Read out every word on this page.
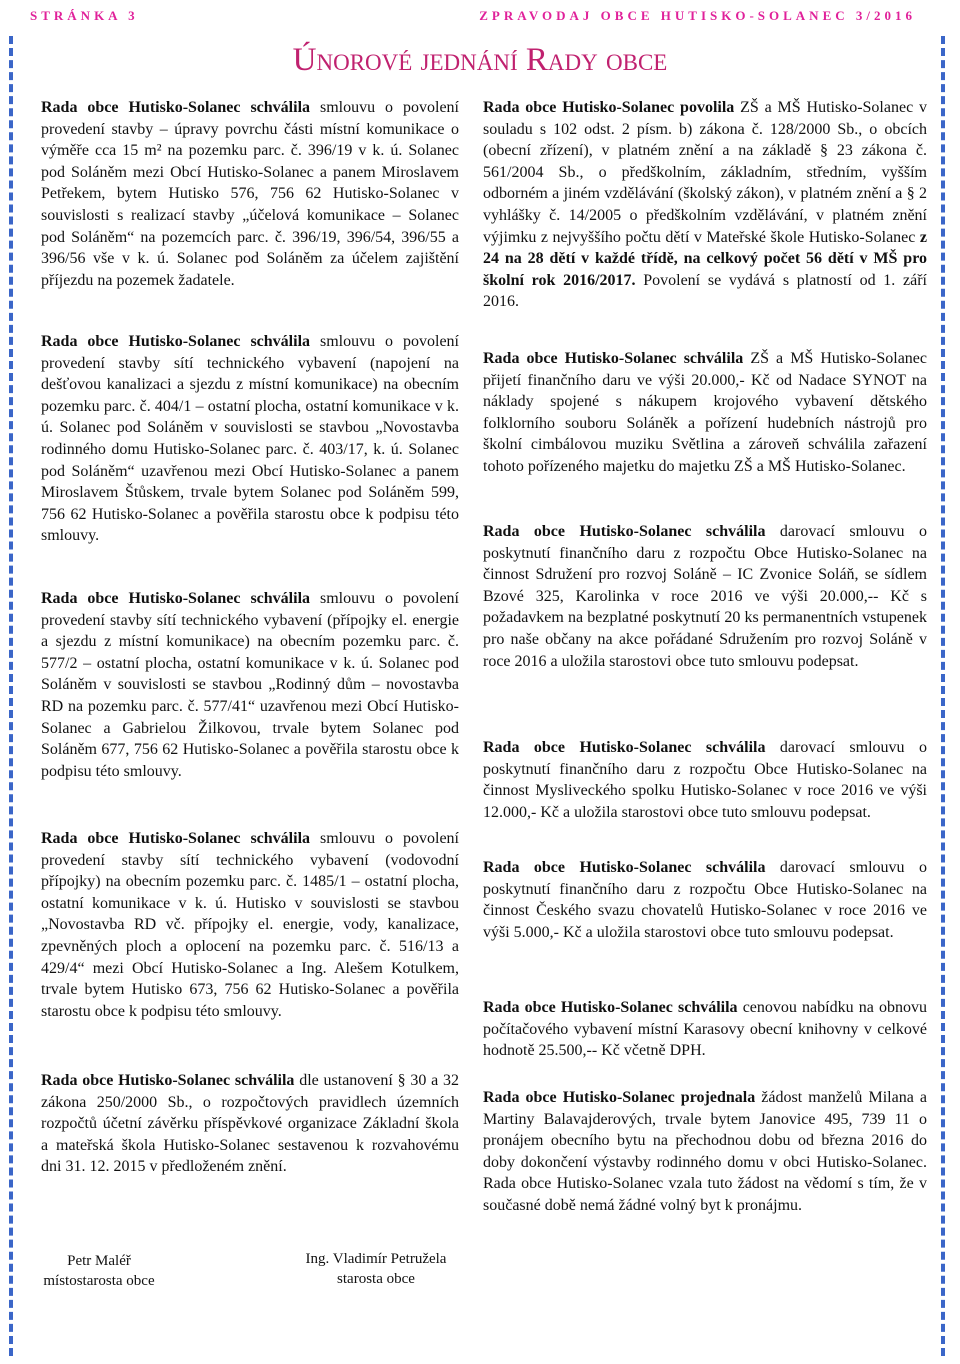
STRÁNKA 3	ZPRAVODAJ OBCE HUTISKO-SOLANEC 3/2016
Únorové jednání Rady obce

Rada obce Hutisko-Solanec schválila smlouvu o povolení provedení stavby – úpravy povrchu části místní komunikace o výměře cca 15 m² na pozemku parc. č. 396/19 v k. ú. Solanec pod Soláněm mezi Obcí Hutisko-Solanec a panem Miroslavem Petřekem, bytem Hutisko 576, 756 62 Hutisko-Solanec v souvislosti s realizací stavby „účelová komunikace – Solanec pod Soláněm“ na pozemcích parc. č. 396/19, 396/54, 396/55 a 396/56 vše v k. ú. Solanec pod Soláněm za účelem zajištění příjezdu na pozemek žadatele.

Rada obce Hutisko-Solanec schválila smlouvu o povolení provedení stavby sítí technického vybavení (napojení na dešťovou kanalizaci a sjezdu z místní komunikace) na obecním pozemku parc. č. 404/1 – ostatní plocha, ostatní komunikace v k. ú. Solanec pod Soláněm v souvislosti se stavbou „Novostavba rodinného domu Hutisko-Solanec parc. č. 403/17, k. ú. Solanec pod Soláněm“ uzavřenou mezi Obcí Hutisko-Solanec a panem Miroslavem Štůskem, trvale bytem Solanec pod Soláněm 599, 756 62 Hutisko-Solanec a pověřila starostu obce k podpisu této smlouvy.

Rada obce Hutisko-Solanec schválila smlouvu o povolení provedení stavby sítí technického vybavení (přípojky el. energie a sjezdu z místní komunikace) na obecním pozemku parc. č. 577/2 – ostatní plocha, ostatní komunikace v k. ú. Solanec pod Soláněm v souvislosti se stavbou „Rodinný dům – novostavba RD na pozemku parc. č. 577/41“ uzavřenou mezi Obcí Hutisko-Solanec a Gabrielou Žilkovou, trvale bytem Solanec pod Soláněm 677, 756 62 Hutisko-Solanec a pověřila starostu obce k podpisu této smlouvy.

Rada obce Hutisko-Solanec schválila smlouvu o povolení provedení stavby sítí technického vybavení (vodovodní přípojky) na obecním pozemku parc. č. 1485/1 – ostatní plocha, ostatní komunikace v k. ú. Hutisko v souvislosti se stavbou „Novostavba RD vč. přípojky el. energie, vody, kanalizace, zpevněných ploch a oplocení na pozemku parc. č. 516/13 a 429/4“ mezi Obcí Hutisko-Solanec a Ing. Alešem Kotulkem, trvale bytem Hutisko 673, 756 62 Hutisko-Solanec a pověřila starostu obce k podpisu této smlouvy.

Rada obce Hutisko-Solanec schválila dle ustanovení § 30 a 32 zákona 250/2000 Sb., o rozpočtových pravidlech územních rozpočtů účetní závěrku příspěvkové organizace Základní škola a mateřská škola Hutisko-Solanec sestavenou k rozvahovému dni 31. 12. 2015 v předloženém znění.

Rada obce Hutisko-Solanec povolila ZŠ a MŠ Hutisko-Solanec v souladu s 102 odst. 2 písm. b) zákona č. 128/2000 Sb., o obcích (obecní zřízení), v platném znění a na základě § 23 zákona č. 561/2004 Sb., o předškolním, základním, středním, vyšším odborném a jiném vzdělávání (školský zákon), v platném znění a § 2 vyhlášky č. 14/2005 o předškolním vzdělávání, v platném znění výjimku z nejvyššího počtu dětí v Mateřské škole Hutisko-Solanec z 24 na 28 dětí v každé třídě, na celkový počet 56 dětí v MŠ pro školní rok 2016/2017. Povolení se vydává s platností od 1. září 2016.

Rada obce Hutisko-Solanec schválila ZŠ a MŠ Hutisko-Solanec přijetí finančního daru ve výši 20.000,- Kč od Nadace SYNOT na náklady spojené s nákupem krojového vybavení dětského folklorního souboru Soláněk a pořízení hudebních nástrojů pro školní cimbálovou muziku Světlina a zároveň schválila zařazení tohoto pořízeného majetku do majetku ZŠ a MŠ Hutisko-Solanec.

Rada obce Hutisko-Solanec schválila darovací smlouvu o poskytnutí finančního daru z rozpočtu Obce Hutisko-Solanec na činnost Sdružení pro rozvoj Soláně – IC Zvonice Soláň, se sídlem Bzové 325, Karolinka v roce 2016 ve výši 20.000,-- Kč s požadavkem na bezplatné poskytnutí 20 ks permanentních vstupenek pro naše občany na akce pořádané Sdružením pro rozvoj Soláně v roce 2016 a uložila starostovi obce tuto smlouvu podepsat.

Rada obce Hutisko-Solanec schválila darovací smlouvu o poskytnutí finančního daru z rozpočtu Obce Hutisko-Solanec na činnost Mysliveckého spolku Hutisko-Solanec v roce 2016 ve výši 12.000,- Kč a uložila starostovi obce tuto smlouvu podepsat.

Rada obce Hutisko-Solanec schválila darovací smlouvu o poskytnutí finančního daru z rozpočtu Obce Hutisko-Solanec na činnost Českého svazu chovatelů Hutisko-Solanec v roce 2016 ve výši 5.000,- Kč a uložila starostovi obce tuto smlouvu podepsat.

Rada obce Hutisko-Solanec schválila cenovou nabídku na obnovu počítačového vybavení místní Karasovy obecní knihovny v celkové hodnotě 25.500,-- Kč včetně DPH.

Rada obce Hutisko-Solanec projednala žádost manželů Milana a Martiny Balavajderových, trvale bytem Janovice 495, 739 11 o pronájem obecního bytu na přechodnou dobu od března 2016 do doby dokončení výstavby rodinného domu v obci Hutisko-Solanec. Rada obce Hutisko-Solanec vzala tuto žádost na vědomí s tím, že v současné době nemá žádné volný byt k pronájmu.

Petr Maléř
místostarosta obce
Ing. Vladimír Petružela
starosta obce
